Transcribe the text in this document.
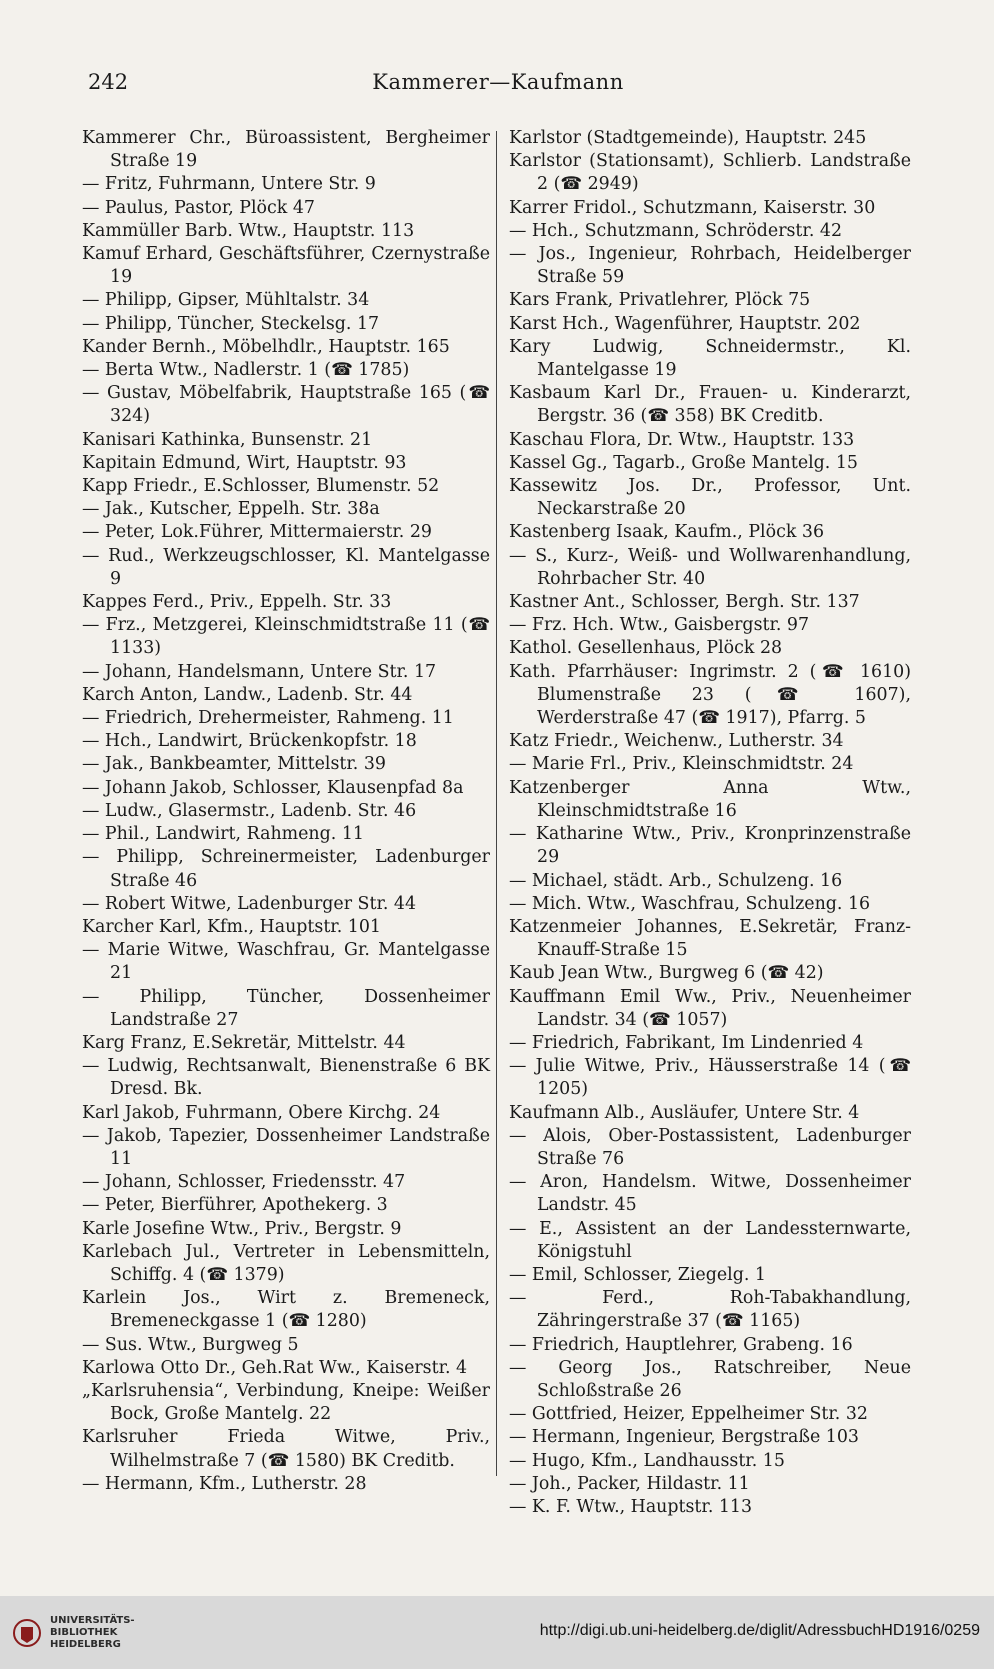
242	Kammerer—Kaufmann
Kammerer Chr., Büroassistent, Bergheimer Straße 19
— Fritz, Fuhrmann, Untere Str. 9
— Paulus, Pastor, Plöck 47
Kammüller Barb. Wtw., Hauptstr. 113
Kamuf Erhard, Geschäftsführer, Czernystraße 19
— Philipp, Gipser, Mühltalstr. 34
— Philipp, Tüncher, Steckelsg. 17
Kander Bernh., Möbelhdlr., Hauptstr. 165
— Berta Wtw., Nadlerstr. 1 (☎ 1785)
— Gustav, Möbelfabrik, Hauptstraße 165 (☎ 324)
Kanisari Kathinka, Bunsenstr. 21
Kapitain Edmund, Wirt, Hauptstr. 93
Kapp Friedr., E.Schlosser, Blumenstr. 52
— Jak., Kutscher, Eppelh. Str. 38a
— Peter, Lok.Führer, Mittermaierstr. 29
— Rud., Werkzeugschlosser, Kl. Mantelgasse 9
Kappes Ferd., Priv., Eppelh. Str. 33
— Frz., Metzgerei, Kleinschmidtstraße 11 (☎ 1133)
— Johann, Handelsmann, Untere Str. 17
Karch Anton, Landw., Ladenb. Str. 44
— Friedrich, Drehermeister, Rahmeng. 11
— Hch., Landwirt, Brückenkopfstr. 18
— Jak., Bankbeamter, Mittelstr. 39
— Johann Jakob, Schlosser, Klausenpfad 8a
— Ludw., Glasermstr., Ladenb. Str. 46
— Phil., Landwirt, Rahmeng. 11
— Philipp, Schreinermeister, Ladenburger Straße 46
— Robert Witwe, Ladenburger Str. 44
Karcher Karl, Kfm., Hauptstr. 101
— Marie Witwe, Waschfrau, Gr. Mantelgasse 21
— Philipp, Tüncher, Dossenheimer Landstraße 27
Karg Franz, E.Sekretär, Mittelstr. 44
— Ludwig, Rechtsanwalt, Bienenstraße 6 BK Dresd. Bk.
Karl Jakob, Fuhrmann, Obere Kirchg. 24
— Jakob, Tapezier, Dossenheimer Landstraße 11
— Johann, Schlosser, Friedensstr. 47
— Peter, Bierführer, Apothekerg. 3
Karle Josefine Wtw., Priv., Bergstr. 9
Karlebach Jul., Vertreter in Lebensmitteln, Schiffg. 4 (☎ 1379)
Karlein Jos., Wirt z. Bremeneck, Bremeneckgasse 1 (☎ 1280)
— Sus. Wtw., Burgweg 5
Karlowa Otto Dr., Geh.Rat Ww., Kaiserstr. 4
„Karlsruhensia“, Verbindung, Kneipe: Weißer Bock, Große Mantelg. 22
Karlsruher Frieda Witwe, Priv., Wilhelmstraße 7 (☎ 1580) BK Creditb.
— Hermann, Kfm., Lutherstr. 28
Karlstor (Stadtgemeinde), Hauptstr. 245
Karlstor (Stationsamt), Schlierb. Landstraße 2 (☎ 2949)
Karrer Fridol., Schutzmann, Kaiserstr. 30
— Hch., Schutzmann, Schröderstr. 42
— Jos., Ingenieur, Rohrbach, Heidelberger Straße 59
Kars Frank, Privatlehrer, Plöck 75
Karst Hch., Wagenführer, Hauptstr. 202
Kary Ludwig, Schneidermstr., Kl. Mantelgasse 19
Kasbaum Karl Dr., Frauen- u. Kinderarzt, Bergstr. 36 (☎ 358) BK Creditb.
Kaschau Flora, Dr. Wtw., Hauptstr. 133
Kassel Gg., Tagarb., Große Mantelg. 15
Kassewitz Jos. Dr., Professor, Unt. Neckarstraße 20
Kastenberg Isaak, Kaufm., Plöck 36
— S., Kurz-, Weiß- und Wollwarenhandlung, Rohrbacher Str. 40
Kastner Ant., Schlosser, Bergh. Str. 137
— Frz. Hch. Wtw., Gaisbergstr. 97
Kathol. Gesellenhaus, Plöck 28
Kath. Pfarrhäuser: Ingrimstr. 2 (☎ 1610) Blumenstraße 23 (☎ 1607), Werderstraße 47 (☎ 1917), Pfarrg. 5
Katz Friedr., Weichenw., Lutherstr. 34
— Marie Frl., Priv., Kleinschmidtstr. 24
Katzenberger Anna Wtw., Kleinschmidtstraße 16
— Katharine Wtw., Priv., Kronprinzenstraße 29
— Michael, städt. Arb., Schulzeng. 16
— Mich. Wtw., Waschfrau, Schulzeng. 16
Katzenmeier Johannes, E.Sekretär, Franz-Knauff-Straße 15
Kaub Jean Wtw., Burgweg 6 (☎ 42)
Kauffmann Emil Ww., Priv., Neuenheimer Landstr. 34 (☎ 1057)
— Friedrich, Fabrikant, Im Lindenried 4
— Julie Witwe, Priv., Häusserstraße 14 (☎ 1205)
Kaufmann Alb., Ausläufer, Untere Str. 4
— Alois, Ober-Postassistent, Ladenburger Straße 76
— Aron, Handelsm. Witwe, Dossenheimer Landstr. 45
— E., Assistent an der Landessternwarte, Königstuhl
— Emil, Schlosser, Ziegelg. 1
— Ferd., Roh-Tabakhandlung, Zähringerstraße 37 (☎ 1165)
— Friedrich, Hauptlehrer, Grabeng. 16
— Georg Jos., Ratschreiber, Neue Schloßstraße 26
— Gottfried, Heizer, Eppelheimer Str. 32
— Hermann, Ingenieur, Bergstraße 103
— Hugo, Kfm., Landhausstr. 15
— Joh., Packer, Hildastr. 11
— K. F. Wtw., Hauptstr. 113
UNIVERSITÄTS-
BIBLIOTHEK
HEIDELBERG
http://digi.ub.uni-heidelberg.de/diglit/AdressbuchHD1916/0259
